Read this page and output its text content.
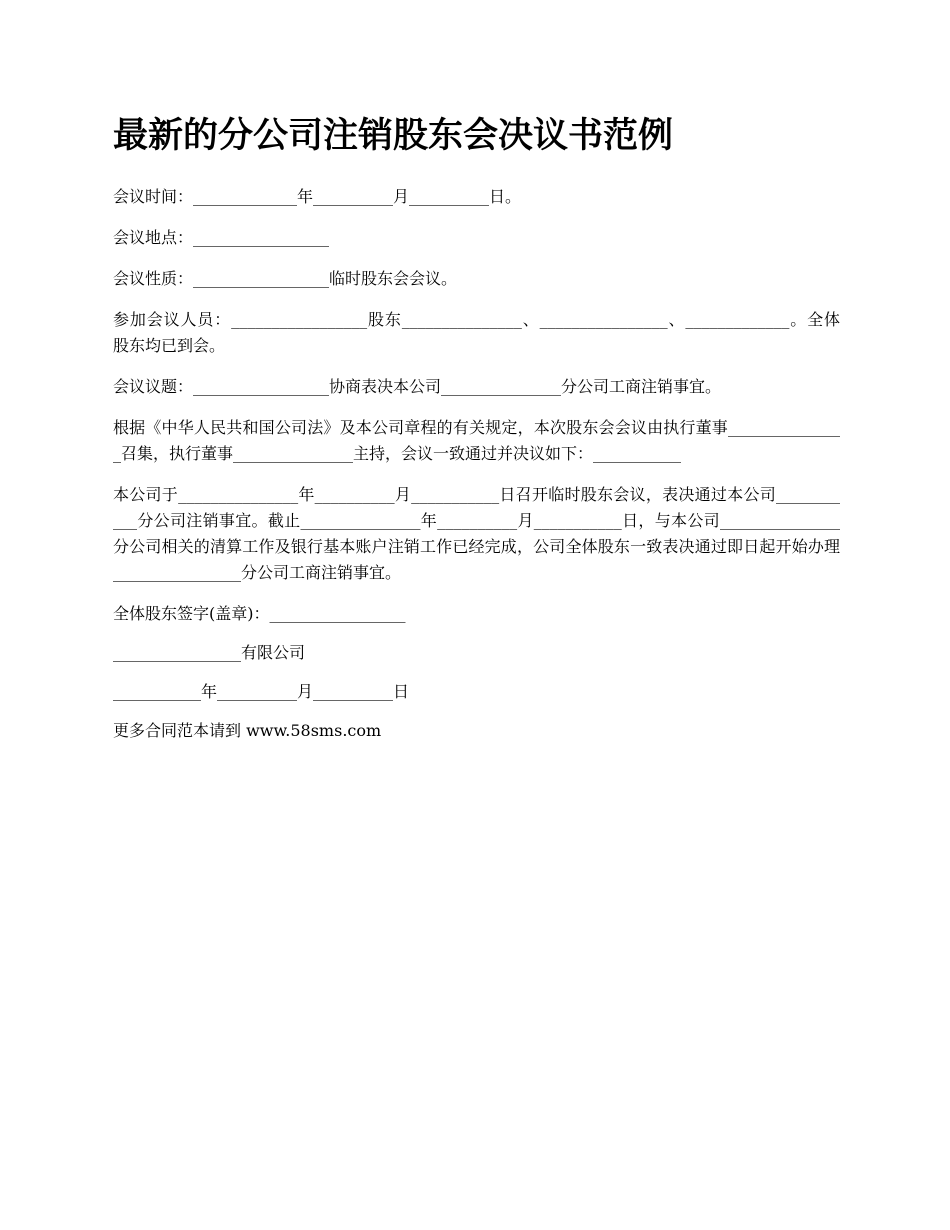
最新的分公司注销股东会决议书范例

会议时间：_____________年__________月__________日。

会议地点：_________________

会议性质：_________________临时股东会会议。

参加会议人员：_________________股东_______________、________________、_____________。全体股东均已到会。

会议议题：_________________协商表决本公司_______________分公司工商注销事宜。

根据《中华人民共和国公司法》及本公司章程的有关规定，本次股东会会议由执行董事_______________召集，执行董事_______________主持，会议一致通过并决议如下：___________

本公司于_______________年__________月___________日召开临时股东会议，表决通过本公司___________分公司注销事宜。截止_______________年__________月___________日，与本公司_______________分公司相关的清算工作及银行基本账户注销工作已经完成，公司全体股东一致表决通过即日起开始办理________________分公司工商注销事宜。

全体股东签字(盖章)：_________________

________________有限公司

___________年__________月__________日

更多合同范本请到 www.58sms.com
